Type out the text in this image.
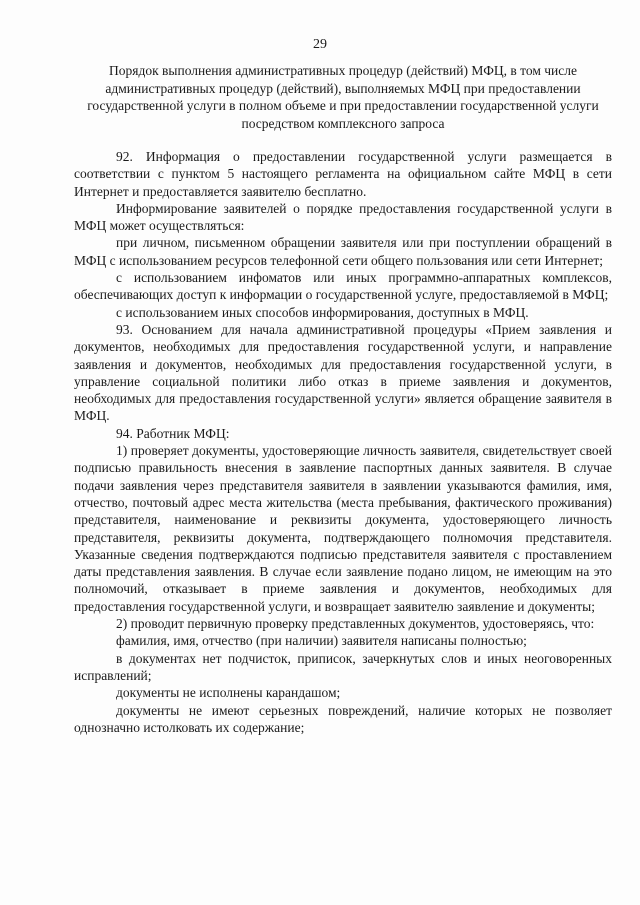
29
Порядок выполнения административных процедур (действий) МФЦ, в том числе административных процедур (действий), выполняемых МФЦ при предоставлении государственной услуги в полном объеме и при предоставлении государственной услуги посредством комплексного запроса

92. Информация о предоставлении государственной услуги размещается в соответствии с пунктом 5 настоящего регламента на официальном сайте МФЦ в сети Интернет и предоставляется заявителю бесплатно.

Информирование заявителей о порядке предоставления государственной услуги в МФЦ может осуществляться:

при личном, письменном обращении заявителя или при поступлении обращений в МФЦ с использованием ресурсов телефонной сети общего пользования или сети Интернет;

с использованием инфоматов или иных программно-аппаратных комплексов, обеспечивающих доступ к информации о государственной услуге, предоставляемой в МФЦ;

с использованием иных способов информирования, доступных в МФЦ.

93. Основанием для начала административной процедуры «Прием заявления и документов, необходимых для предоставления государственной услуги, и направление заявления и документов, необходимых для предоставления государственной услуги, в управление социальной политики либо отказ в приеме заявления и документов, необходимых для предоставления государственной услуги» является обращение заявителя в МФЦ.

94. Работник МФЦ:

1) проверяет документы, удостоверяющие личность заявителя, свидетельствует своей подписью правильность внесения в заявление паспортных данных заявителя. В случае подачи заявления через представителя заявителя в заявлении указываются фамилия, имя, отчество, почтовый адрес места жительства (места пребывания, фактического проживания) представителя, наименование и реквизиты документа, удостоверяющего личность представителя, реквизиты документа, подтверждающего полномочия представителя. Указанные сведения подтверждаются подписью представителя заявителя с проставлением даты представления заявления. В случае если заявление подано лицом, не имеющим на это полномочий, отказывает в приеме заявления и документов, необходимых для предоставления государственной услуги, и возвращает заявителю заявление и документы;

2) проводит первичную проверку представленных документов, удостоверяясь, что:

фамилия, имя, отчество (при наличии) заявителя написаны полностью;

в документах нет подчисток, приписок, зачеркнутых слов и иных неоговоренных исправлений;

документы не исполнены карандашом;

документы не имеют серьезных повреждений, наличие которых не позволяет однозначно истолковать их содержание;
